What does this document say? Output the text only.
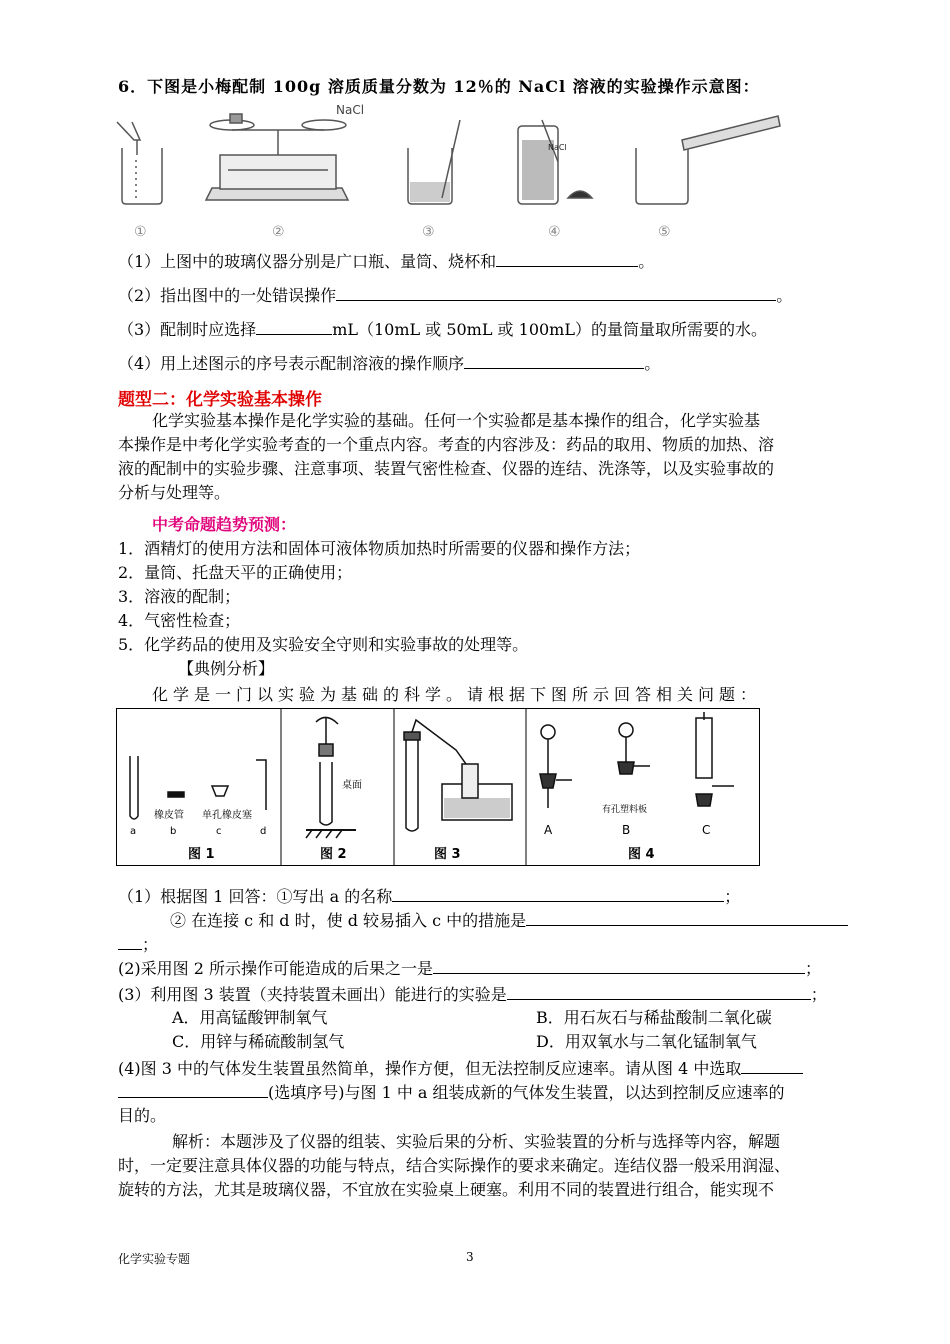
6．下图是小梅配制 100g 溶质质量分数为 12％的 NaCl 溶液的实验操作示意图：
①
NaCl
②	③
NaCl
④	⑤
（1）上图中的玻璃仪器分别是广口瓶、量筒、烧杯和	。
（2）指出图中的一处错误操作	。
（3）配制时应选择	mL（10mL 或 50mL 或 100mL）的量筒量取所需要的水。
（4）用上述图示的序号表示配制溶液的操作顺序	。
题型二：化学实验基本操作
化学实验基本操作是化学实验的基础。任何一个实验都是基本操作的组合，化学实验基
本操作是中考化学实验考查的一个重点内容。考查的内容涉及：药品的取用、物质的加热、溶
液的配制中的实验步骤、注意事项、装置气密性检查、仪器的连结、洗涤等，以及实验事故的
分析与处理等。
中考命题趋势预测：
1．酒精灯的使用方法和固体可液体物质加热时所需要的仪器和操作方法；
2．量筒、托盘天平的正确使用；
3．溶液的配制；
4．气密性检查；
5．化学药品的使用及实验安全守则和实验事故的处理等。
【典例分析】
化学是一门以实验为基础的科学。请根据下图所示回答相关问题：
橡皮管 单孔橡皮塞
a	b	c	d
图 1
桌面
图 2	图 3
有孔塑料板
A	B	C
图 4
（1）根据图 1 回答：①写出 a 的名称	；
② 在连接 c 和 d 时，使 d 较易插入 c 中的措施是
；
(2)采用图 2 所示操作可能造成的后果之一是	；
(3）利用图 3 装置（夹持装置未画出）能进行的实验是	；
A．用高锰酸钾制氧气	B．用石灰石与稀盐酸制二氧化碳
C．用锌与稀硫酸制氢气	D．用双氧水与二氧化锰制氧气
(4)图 3 中的气体发生装置虽然简单，操作方便，但无法控制反应速率。请从图 4 中选取
(选填序号)与图 1 中 a 组装成新的气体发生装置，以达到控制反应速率的
目的。
解析：本题涉及了仪器的组装、实验后果的分析、实验装置的分析与选择等内容，解题
时，一定要注意具体仪器的功能与特点，结合实际操作的要求来确定。连结仪器一般采用润湿、
旋转的方法，尤其是玻璃仪器，不宜放在实验桌上硬塞。利用不同的装置进行组合，能实现不
化学实验专题	3
